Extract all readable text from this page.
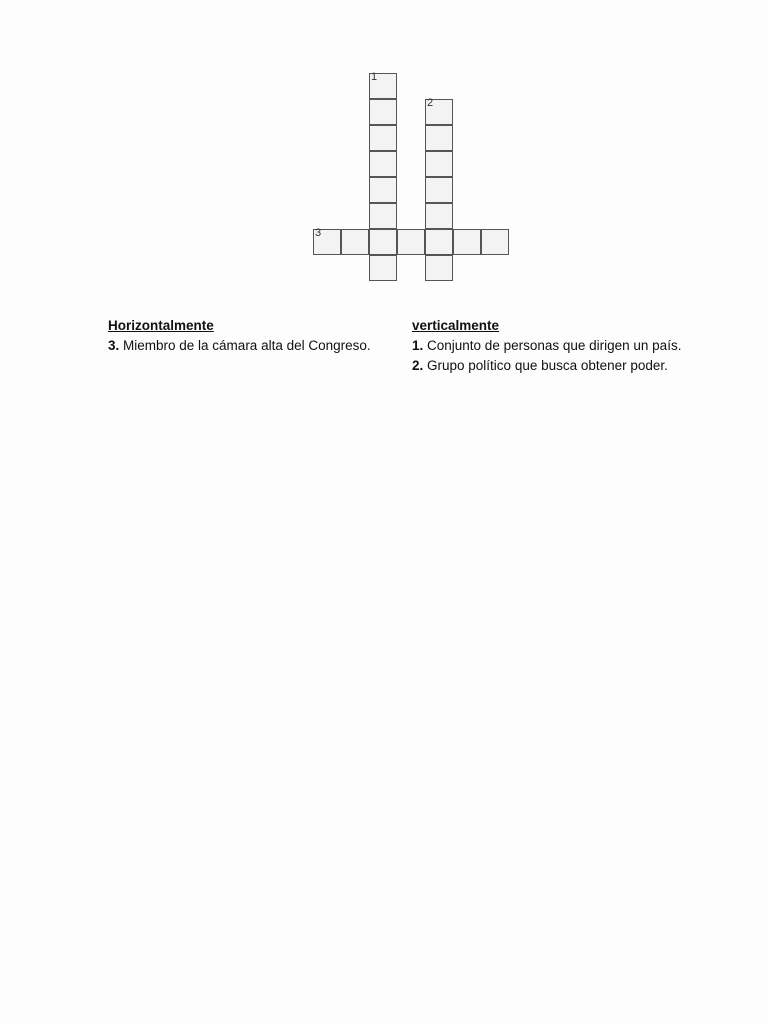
1
2
3
Horizontalmente
3. Miembro de la cámara alta del Congreso.
verticalmente
1. Conjunto de personas que dirigen un país.
2. Grupo político que busca obtener poder.
